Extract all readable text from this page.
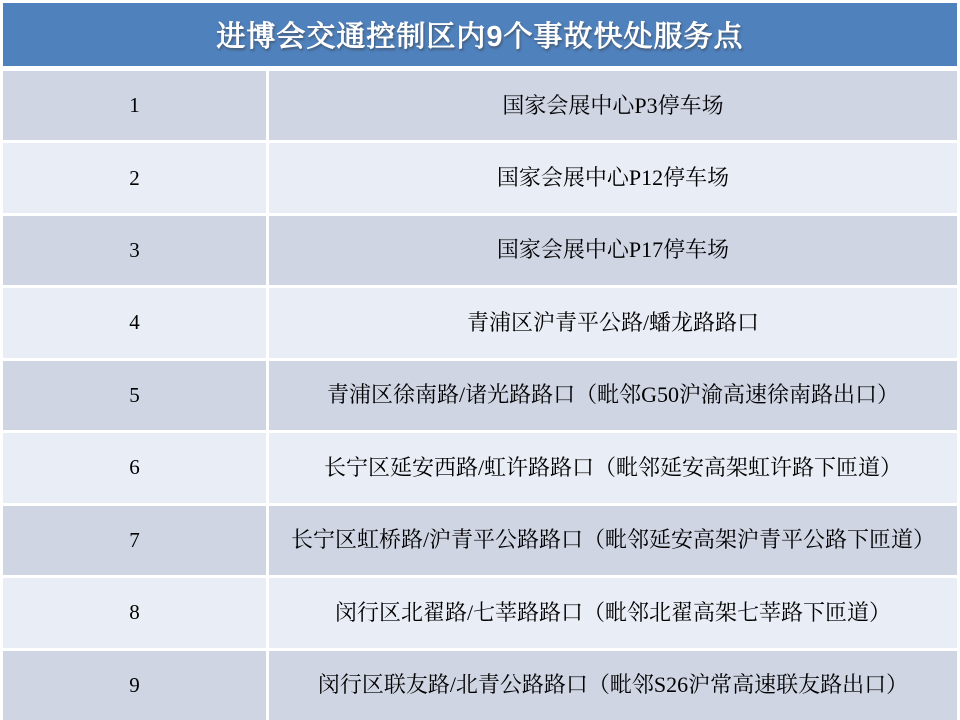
进博会交通控制区内9个事故快处服务点
1	国家会展中心P3停车场
2	国家会展中心P12停车场
3	国家会展中心P17停车场
4	青浦区沪青平公路/蟠龙路路口
5	青浦区徐南路/诸光路路口（毗邻G50沪渝高速徐南路出口）
6	长宁区延安西路/虹许路路口（毗邻延安高架虹许路下匝道）
7	长宁区虹桥路/沪青平公路路口（毗邻延安高架沪青平公路下匝道）
8	闵行区北翟路/七莘路路口（毗邻北翟高架七莘路下匝道）
9	闵行区联友路/北青公路路口（毗邻S26沪常高速联友路出口）
